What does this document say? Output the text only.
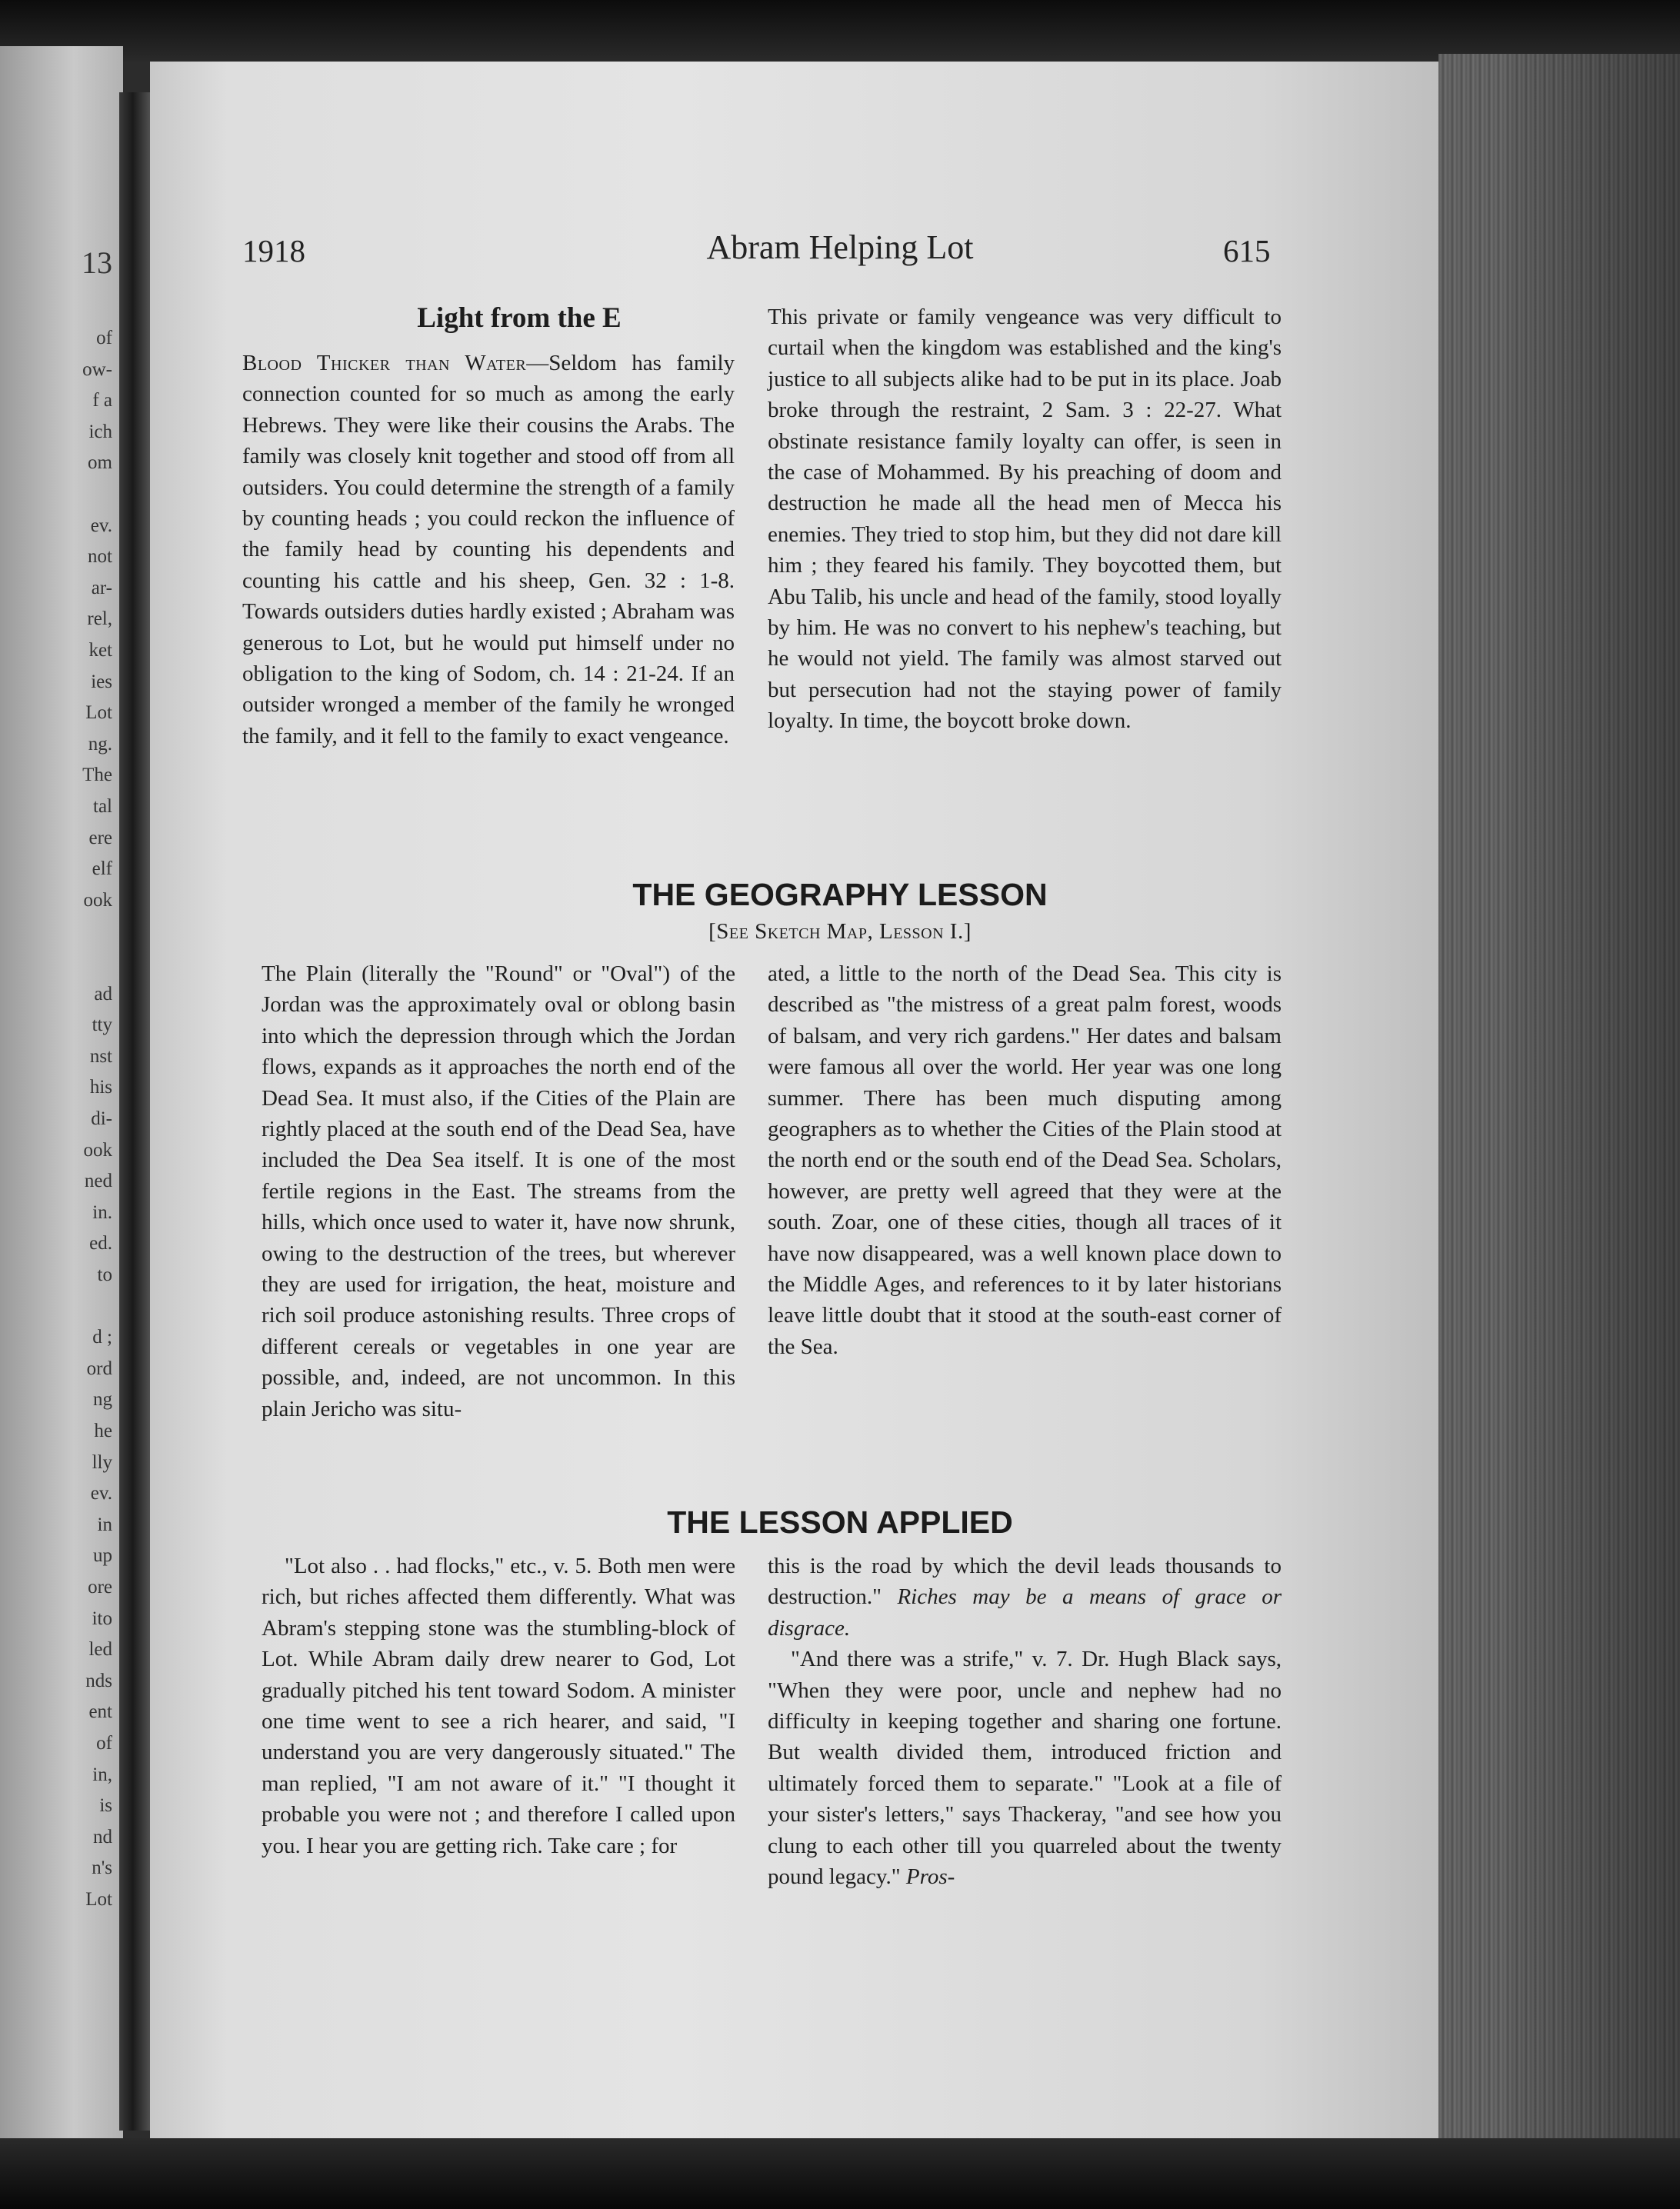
13
of
ow-
f a
ich
om
ev.
not
ar-
rel,
ket
ies
Lot
ng.
The
tal
ere
elf
ook
ad
tty
nst
his
di-
ook
ned
in.
ed.
to
d ;
ord
ng
he
lly
ev.
in
up
ore
ito
led
nds
ent
of
in,
is
nd
n's
Lot
1918	Abram Helping Lot	615
Light from the E

Blood Thicker than Water—Seldom has family connection counted for so much as among the early Hebrews. They were like their cousins the Arabs. The family was closely knit together and stood off from all outsiders. You could determine the strength of a family by counting heads ; you could reckon the influence of the family head by counting his dependents and counting his cattle and his sheep, Gen. 32 : 1-8. Towards outsiders duties hardly existed ; Abraham was generous to Lot, but he would put himself under no obligation to the king of Sodom, ch. 14 : 21-24. If an outsider wronged a member of the family he wronged the family, and it fell to the family to exact vengeance.

This private or family vengeance was very difficult to curtail when the kingdom was established and the king's justice to all subjects alike had to be put in its place. Joab broke through the restraint, 2 Sam. 3 : 22-27. What obstinate resistance family loyalty can offer, is seen in the case of Mohammed. By his preaching of doom and destruction he made all the head men of Mecca his enemies. They tried to stop him, but they did not dare kill him ; they feared his family. They boycotted them, but Abu Talib, his uncle and head of the family, stood loyally by him. He was no convert to his nephew's teaching, but he would not yield. The family was almost starved out but persecution had not the staying power of family loyalty. In time, the boycott broke down.

THE GEOGRAPHY LESSON
[See Sketch Map, Lesson I.]

The Plain (literally the "Round" or "Oval") of the Jordan was the approximately oval or oblong basin into which the depression through which the Jordan flows, expands as it approaches the north end of the Dead Sea. It must also, if the Cities of the Plain are rightly placed at the south end of the Dead Sea, have included the Dea Sea itself. It is one of the most fertile regions in the East. The streams from the hills, which once used to water it, have now shrunk, owing to the destruction of the trees, but wherever they are used for irrigation, the heat, moisture and rich soil produce astonishing results. Three crops of different cereals or vegetables in one year are possible, and, indeed, are not uncommon. In this plain Jericho was situ-

ated, a little to the north of the Dead Sea. This city is described as "the mistress of a great palm forest, woods of balsam, and very rich gardens." Her dates and balsam were famous all over the world. Her year was one long summer. There has been much disputing among geographers as to whether the Cities of the Plain stood at the north end or the south end of the Dead Sea. Scholars, however, are pretty well agreed that they were at the south. Zoar, one of these cities, though all traces of it have now disappeared, was a well known place down to the Middle Ages, and references to it by later historians leave little doubt that it stood at the south-east corner of the Sea.

THE LESSON APPLIED

"Lot also . . had flocks," etc., v. 5. Both men were rich, but riches affected them differently. What was Abram's stepping stone was the stumbling-block of Lot. While Abram daily drew nearer to God, Lot gradually pitched his tent toward Sodom. A minister one time went to see a rich hearer, and said, "I understand you are very dangerously situated." The man replied, "I am not aware of it." "I thought it probable you were not ; and therefore I called upon you. I hear you are getting rich. Take care ; for

this is the road by which the devil leads thousands to destruction." Riches may be a means of grace or disgrace.

"And there was a strife," v. 7. Dr. Hugh Black says, "When they were poor, uncle and nephew had no difficulty in keeping together and sharing one fortune. But wealth divided them, introduced friction and ultimately forced them to separate." "Look at a file of your sister's letters," says Thackeray, "and see how you clung to each other till you quarreled about the twenty pound legacy." Pros-
